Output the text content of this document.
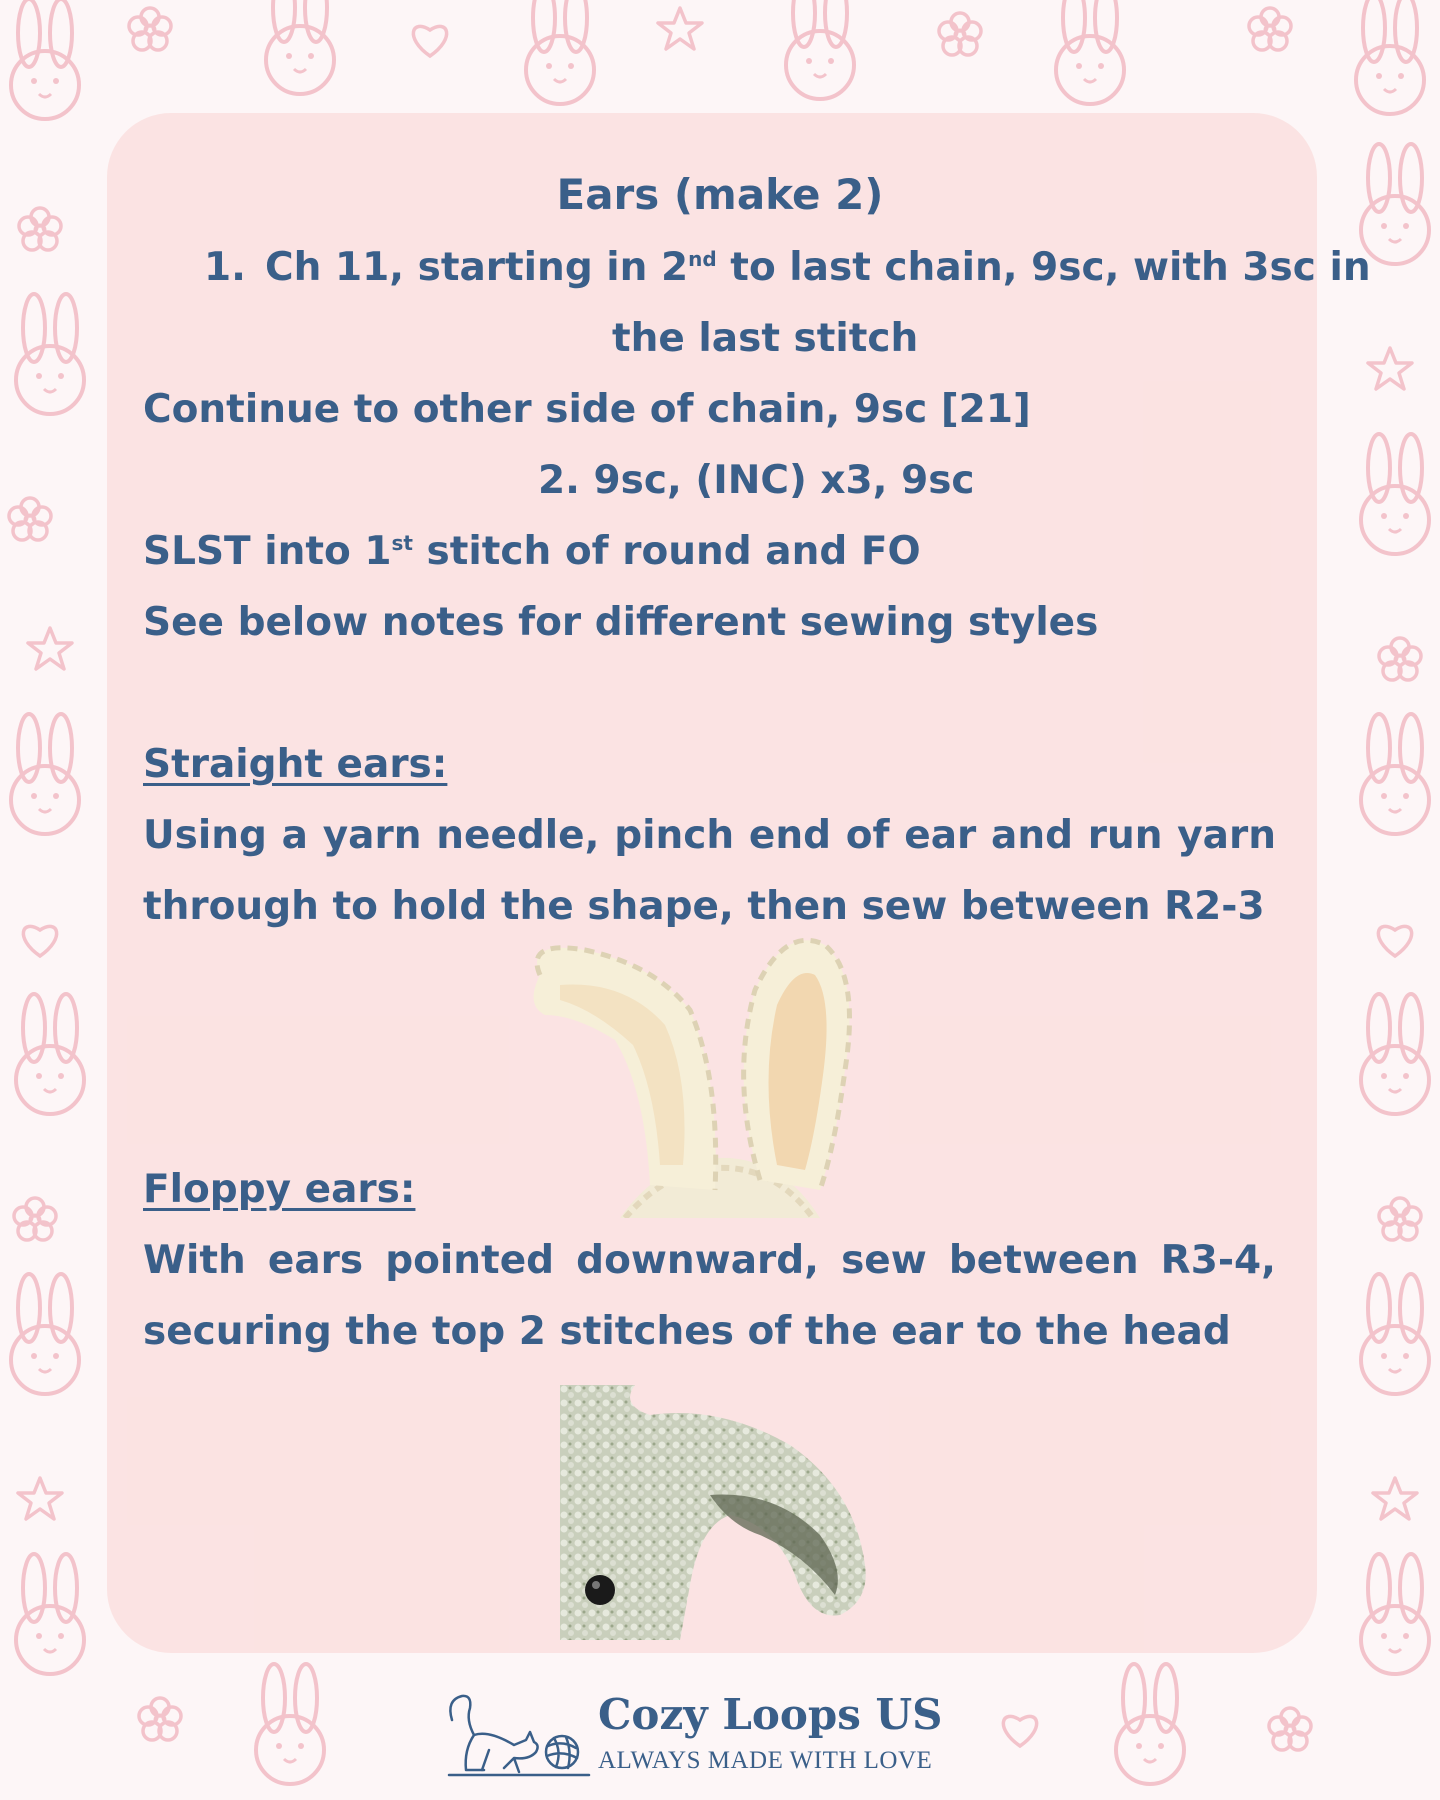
Ears (make 2)
1. Ch 11, starting in 2nd to last chain, 9sc, with 3sc in
the last stitch
Continue to other side of chain, 9sc [21]
2. 9sc, (INC) x3, 9sc
SLST into 1st stitch of round and FO
See below notes for different sewing styles
Straight ears:
Using a yarn needle, pinch end of ear and run yarn
through to hold the shape, then sew between R2-3
Floppy ears:
With ears pointed downward, sew between R3-4,
securing the top 2 stitches of the ear to the head
Cozy Loops US
ALWAYS MADE WITH LOVE
